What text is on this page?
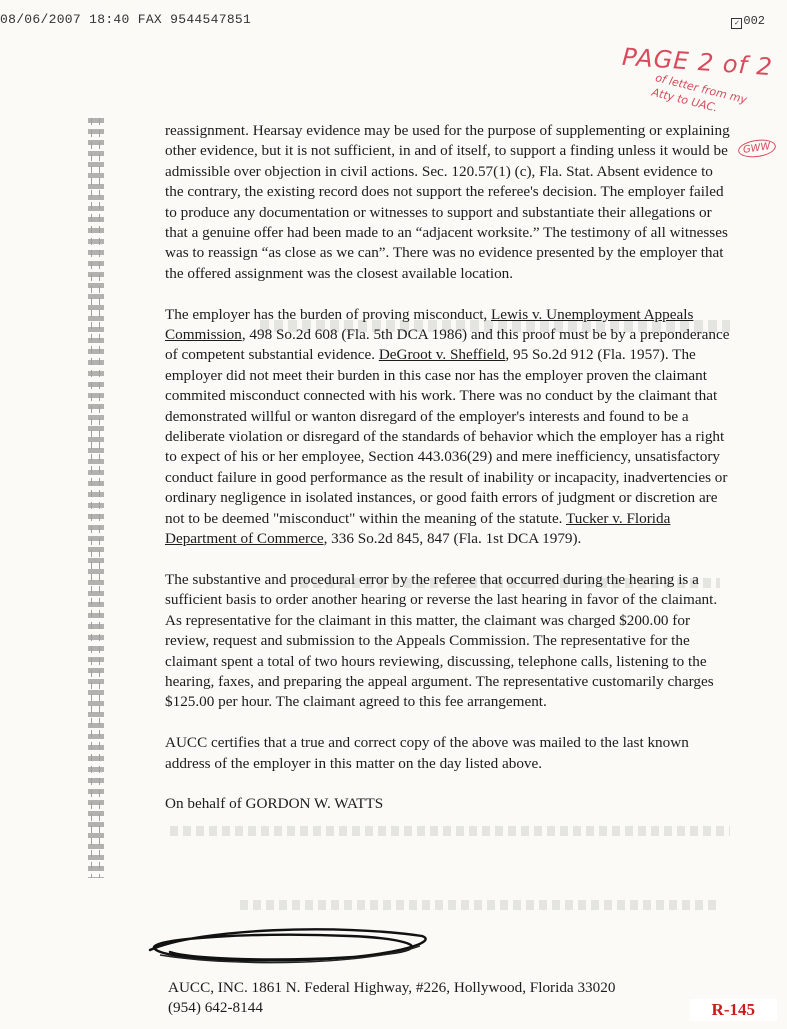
08/06/2007 18:40 FAX 9544547851	✓ 002
PAGE 2 of 2
of letter from my Atty to UAC.
GWW

reassignment. Hearsay evidence may be used for the purpose of supplementing or explaining other evidence, but it is not sufficient, in and of itself, to support a finding unless it would be admissible over objection in civil actions. Sec. 120.57(1) (c), Fla. Stat. Absent evidence to the contrary, the existing record does not support the referee's decision. The employer failed to produce any documentation or witnesses to support and substantiate their allegations or that a genuine offer had been made to an “adjacent worksite.” The testimony of all witnesses was to reassign “as close as we can”. There was no evidence presented by the employer that the offered assignment was the closest available location.

The employer has the burden of proving misconduct, Lewis v. Unemployment Appeals Commission, 498 So.2d 608 (Fla. 5th DCA 1986) and this proof must be by a preponderance of competent substantial evidence. DeGroot v. Sheffield, 95 So.2d 912 (Fla. 1957). The employer did not meet their burden in this case nor has the employer proven the claimant commited misconduct connected with his work. There was no conduct by the claimant that demonstrated willful or wanton disregard of the employer's interests and found to be a deliberate violation or disregard of the standards of behavior which the employer has a right to expect of his or her employee, Section 443.036(29) and mere inefficiency, unsatisfactory conduct failure in good performance as the result of inability or incapacity, inadvertencies or ordinary negligence in isolated instances, or good faith errors of judgment or discretion are not to be deemed "misconduct" within the meaning of the statute. Tucker v. Florida Department of Commerce, 336 So.2d 845, 847 (Fla. 1st DCA 1979).

The substantive and procedural error by the referee that occurred during the hearing is a sufficient basis to order another hearing or reverse the last hearing in favor of the claimant. As representative for the claimant in this matter, the claimant was charged $200.00 for review, request and submission to the Appeals Commission. The representative for the claimant spent a total of two hours reviewing, discussing, telephone calls, listening to the hearing, faxes, and preparing the appeal argument. The representative customarily charges $125.00 per hour. The claimant agreed to this fee arrangement.

AUCC certifies that a true and correct copy of the above was mailed to the last known address of the employer in this matter on the day listed above.

On behalf of GORDON W. WATTS

AUCC, INC. 1861 N. Federal Highway, #226, Hollywood, Florida 33020
(954) 642-8144	R-145
